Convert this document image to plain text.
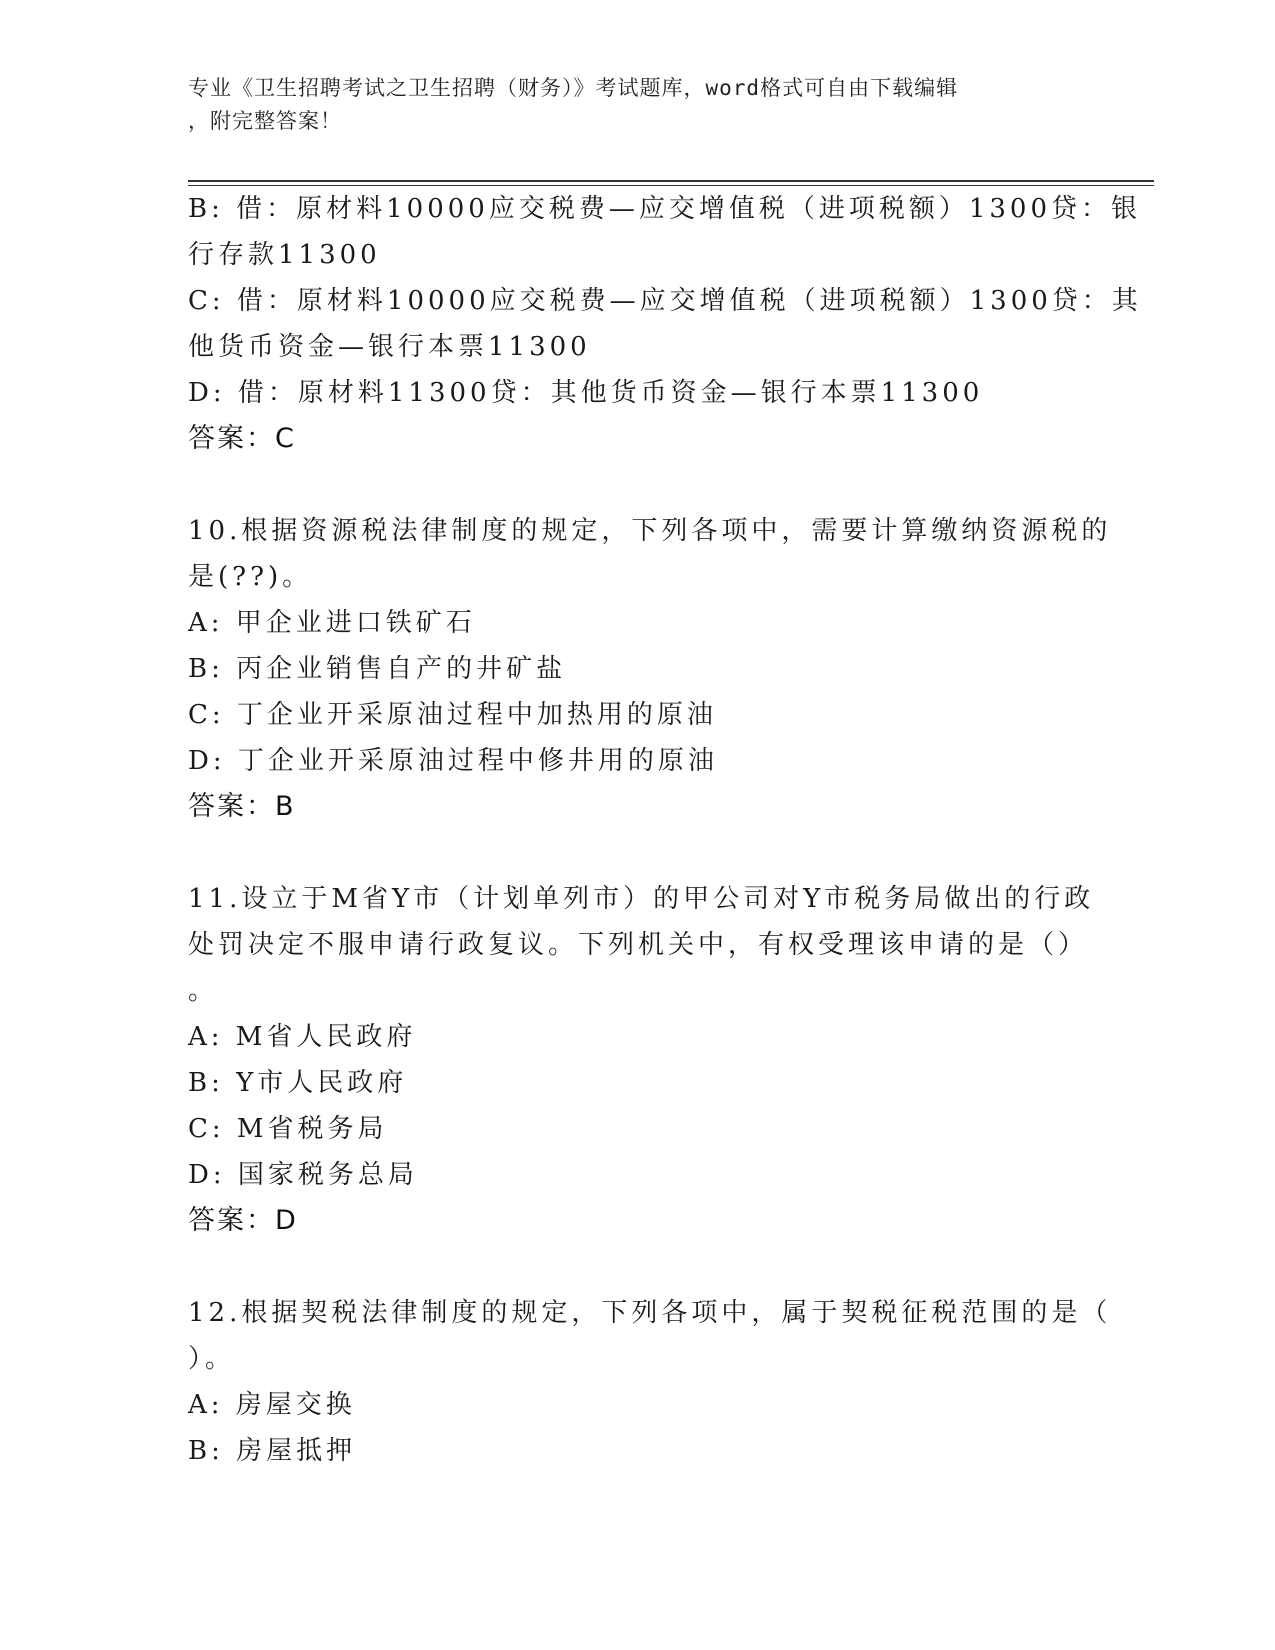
专业《卫生招聘考试之卫生招聘（财务）》考试题库，word格式可自由下载编辑
，附完整答案！
B: 借：原材料10000应交税费—应交增值税（进项税额）1300贷：银
行存款11300
C: 借：原材料10000应交税费—应交增值税（进项税额）1300贷：其
他货币资金—银行本票11300
D: 借：原材料11300贷：其他货币资金—银行本票11300
答案：C
10.根据资源税法律制度的规定，下列各项中，需要计算缴纳资源税的
是(??)。
A: 甲企业进口铁矿石
B: 丙企业销售自产的井矿盐
C: 丁企业开采原油过程中加热用的原油
D: 丁企业开采原油过程中修井用的原油
答案：B
11.设立于M省Y市（计划单列市）的甲公司对Y市税务局做出的行政
处罚决定不服申请行政复议。下列机关中，有权受理该申请的是（）
。
A: M省人民政府
B: Y市人民政府
C: M省税务局
D: 国家税务总局
答案：D
12.根据契税法律制度的规定，下列各项中，属于契税征税范围的是（
）。
A: 房屋交换
B: 房屋抵押
